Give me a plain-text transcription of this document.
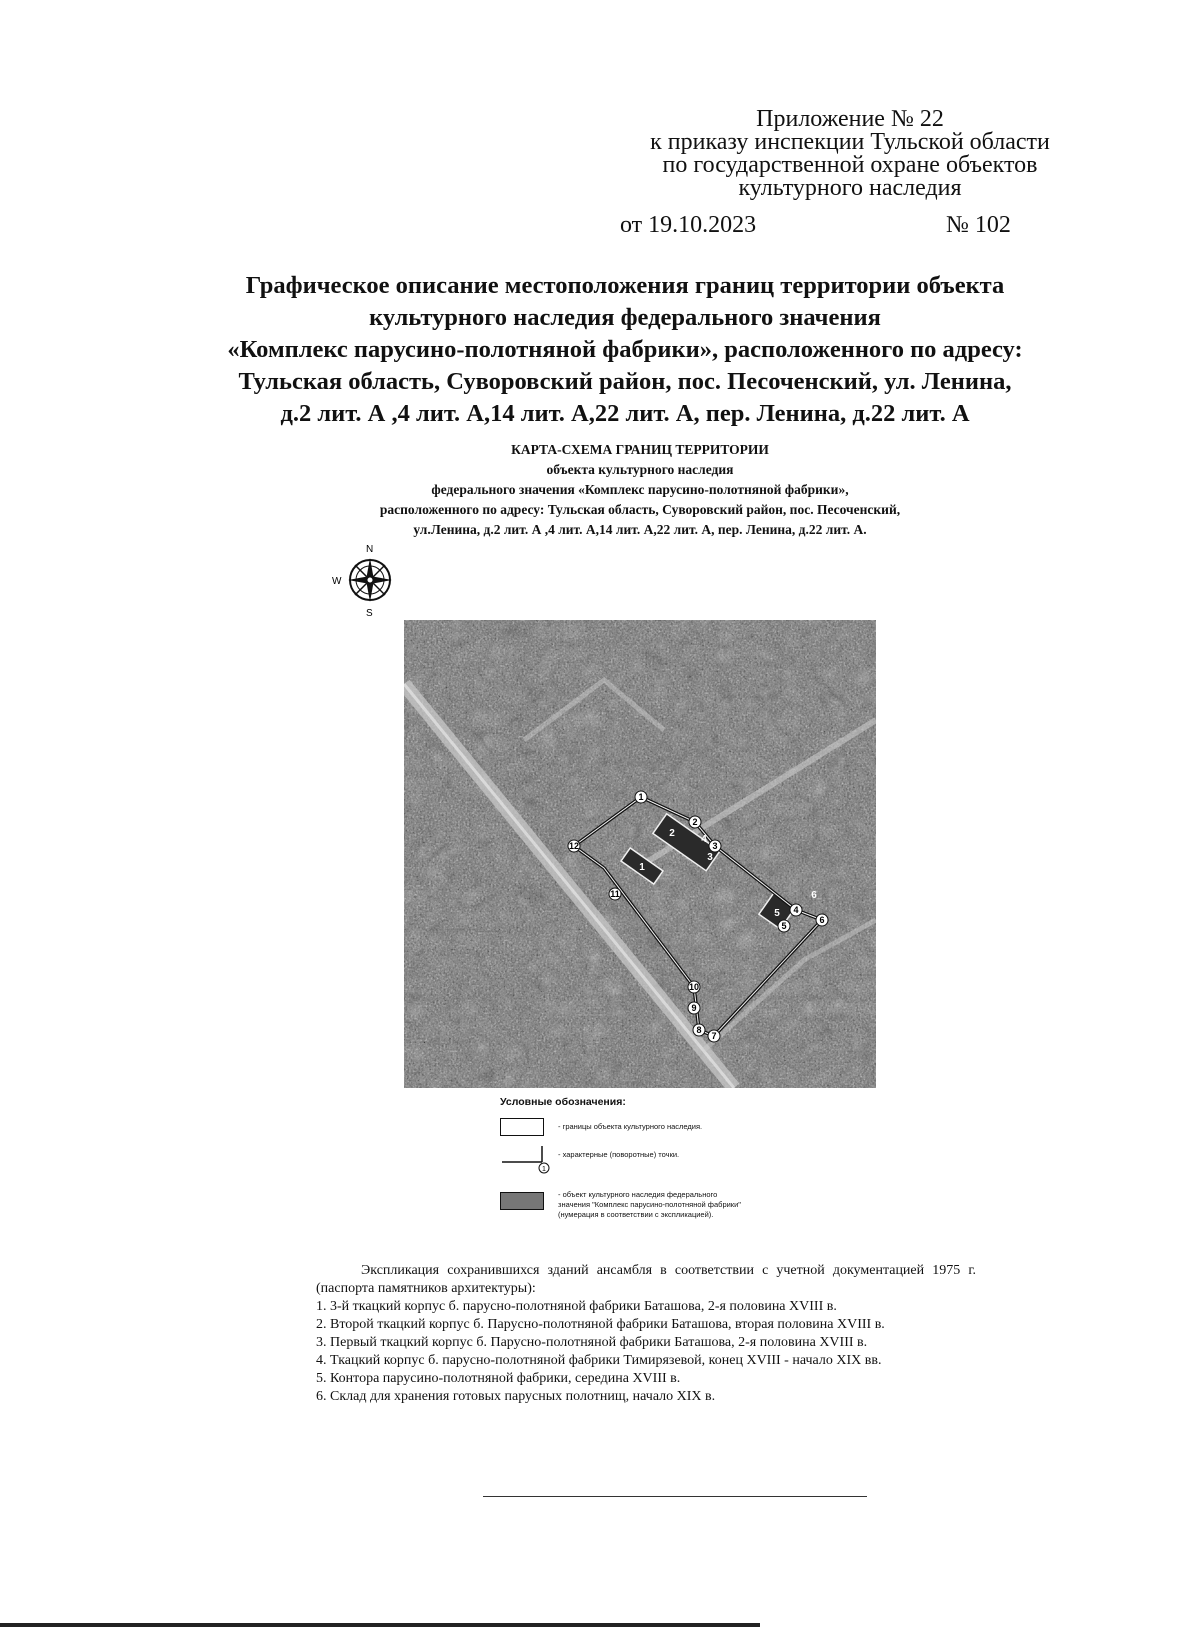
Приложение № 22
к приказу инспекции Тульской области
по государственной охране объектов
культурного наследия
от 19.10.2023	№ 102
Графическое описание местоположения границ территории объекта
культурного наследия федерального значения
«Комплекс парусино-полотняной фабрики», расположенного по адресу:
Тульская область, Суворовский район, пос. Песоченский, ул. Ленина,
д.2 лит. А ,4 лит. А,14 лит. А,22 лит. А, пер. Ленина, д.22 лит. А
КАРТА-СХЕМА ГРАНИЦ ТЕРРИТОРИИ
объекта культурного наследия
федерального значения «Комплекс парусино-полотняной фабрики»,
расположенного по адресу: Тульская область, Суворовский район, пос. Песоченский,
ул.Ленина, д.2 лит. А ,4 лит. А,14 лит. А,22 лит. А, пер. Ленина, д.22 лит. А.
N
W
S
1
2
3
4
5
6
7
8
9
10
11
12
1
2
3
4
5
6
Условные обозначения:
- границы объекта культурного наследия.
1
- характерные (поворотные) точки.
- объект культурного наследия федерального
значения "Комплекс парусино-полотняной фабрики"
(нумерация в соответствии с экспликацией).

Экспликация сохранившихся зданий ансамбля в соответствии с учетной документацией 1975 г. (паспорта памятников архитектуры):

1. 3-й ткацкий корпус б. парусно-полотняной фабрики Баташова, 2-я половина XVIII в.

2. Второй ткацкий корпус б. Парусно-полотняной фабрики Баташова, вторая половина XVIII в.

3. Первый ткацкий корпус б. Парусно-полотняной фабрики Баташова, 2-я половина XVIII в.

4. Ткацкий корпус б. парусно-полотняной фабрики Тимирязевой, конец XVIII - начало XIX вв.

5. Контора парусино-полотняной фабрики, середина XVIII в.

6. Склад для хранения готовых парусных полотнищ, начало XIX в.
